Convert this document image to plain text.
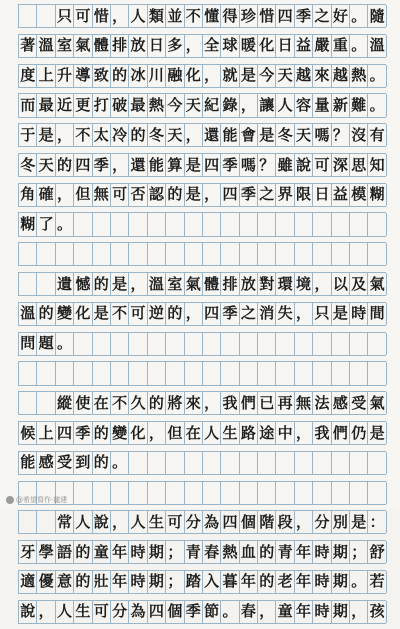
只 可 惜 ， 人 類 並 不 懂 得 珍 惜 四 季 之 好 。 隨
著 溫 室 氣 體 排 放 日 多 ， 全 球 暖 化 日 益 嚴 重 。 溫
度 上 升 導 致 的 冰 川 融 化 ， 就 是 今 天 越 來 越 熱 。
而 最 近 更 打 破 最 熱 今 天 紀 錄 ， 讓 人 容 量 新 難 。
于 是 ， 不 太 冷 的 冬 天 ， 還 能 會 是 冬 天 嗎 ？ 沒 有
冬 天 的 四 季 ， 還 能 算 是 四 季 嗎 ？ 雖 說 可 深 思 知
角 確 ， 但 無 可 否 認 的 是 ， 四 季 之 界 限 日 益 模 糊
糊 了 。
遺 憾 的 是 ， 溫 室 氣 體 排 放 對 環 境 ， 以 及 氣
溫 的 變 化 是 不 可 逆 的 ， 四 季 之 消 失 ， 只 是 時 間
問 題 。
縱 使 在 不 久 的 將 來 ， 我 們 已 再 無 法 感 受 氣
候 上 四 季 的 變 化 ， 但 在 人 生 路 途 中 ， 我 們 仍 是
能 感 受 到 的 。
常 人 說 ， 人 生 可 分 為 四 個 階 段 ， 分 別 是 ：
牙 學 語 的 童 年 時 期 ； 青 春 熱 血 的 青 年 時 期 ； 舒
適 優 意 的 壯 年 時 期 ； 踏 入 暮 年 的 老 年 時 期 。 若
說 ， 人 生 可 分 為 四 個 季 節 。 春 ， 童 年 時 期 ， 孩
@希望寫作·龍建
